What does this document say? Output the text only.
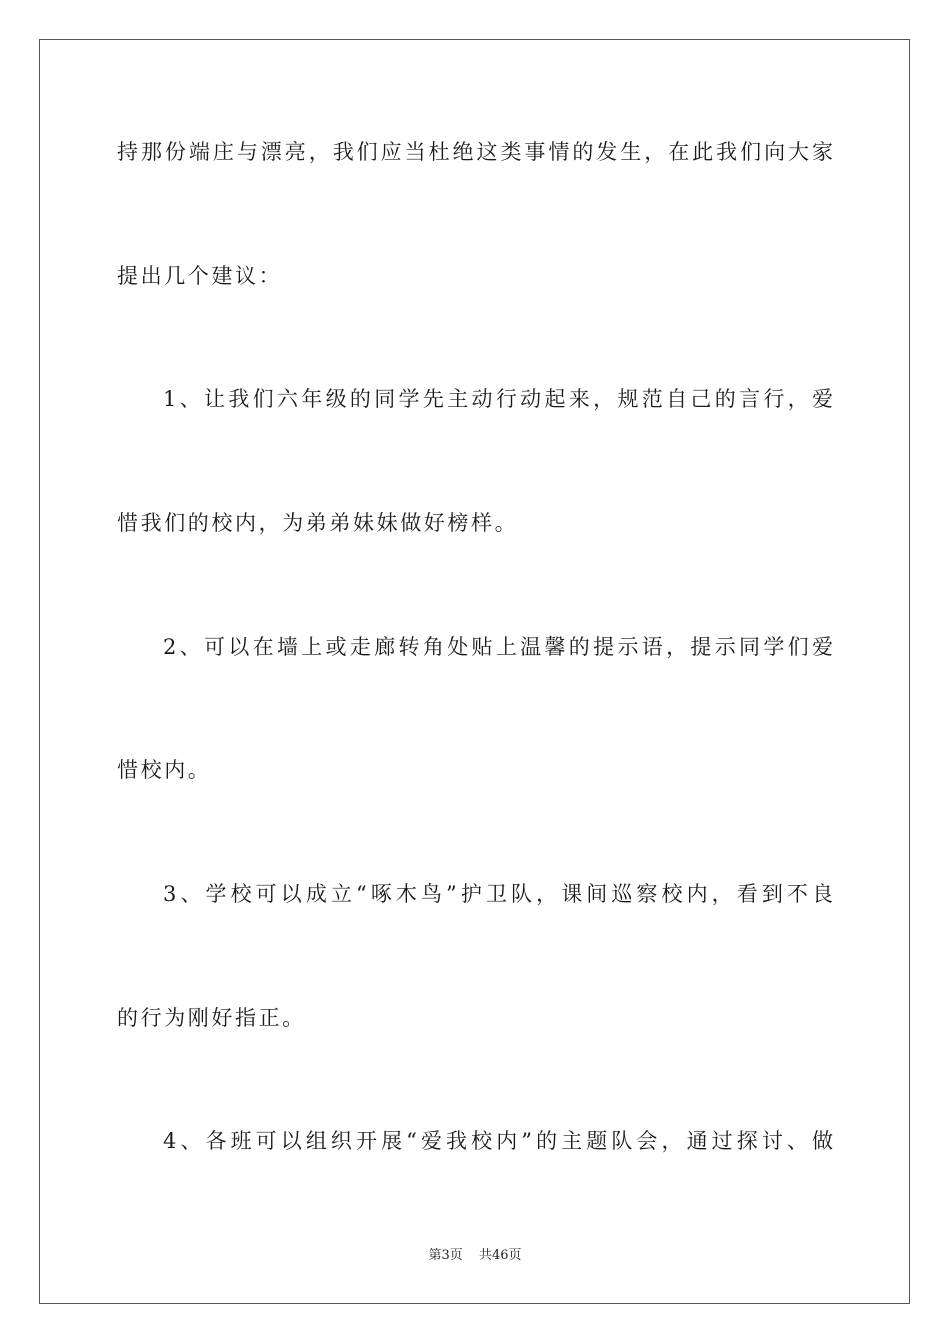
持那份端庄与漂亮，我们应当杜绝这类事情的发生，在此我们向大家
提出几个建议：
1、让我们六年级的同学先主动行动起来，规范自己的言行，爱
惜我们的校内，为弟弟妹妹做好榜样。
2、可以在墙上或走廊转角处贴上温馨的提示语，提示同学们爱
惜校内。
3、学校可以成立“啄木鸟”护卫队，课间巡察校内，看到不良
的行为刚好指正。
4、各班可以组织开展“爱我校内”的主题队会，通过探讨、做
第3页 共46页
